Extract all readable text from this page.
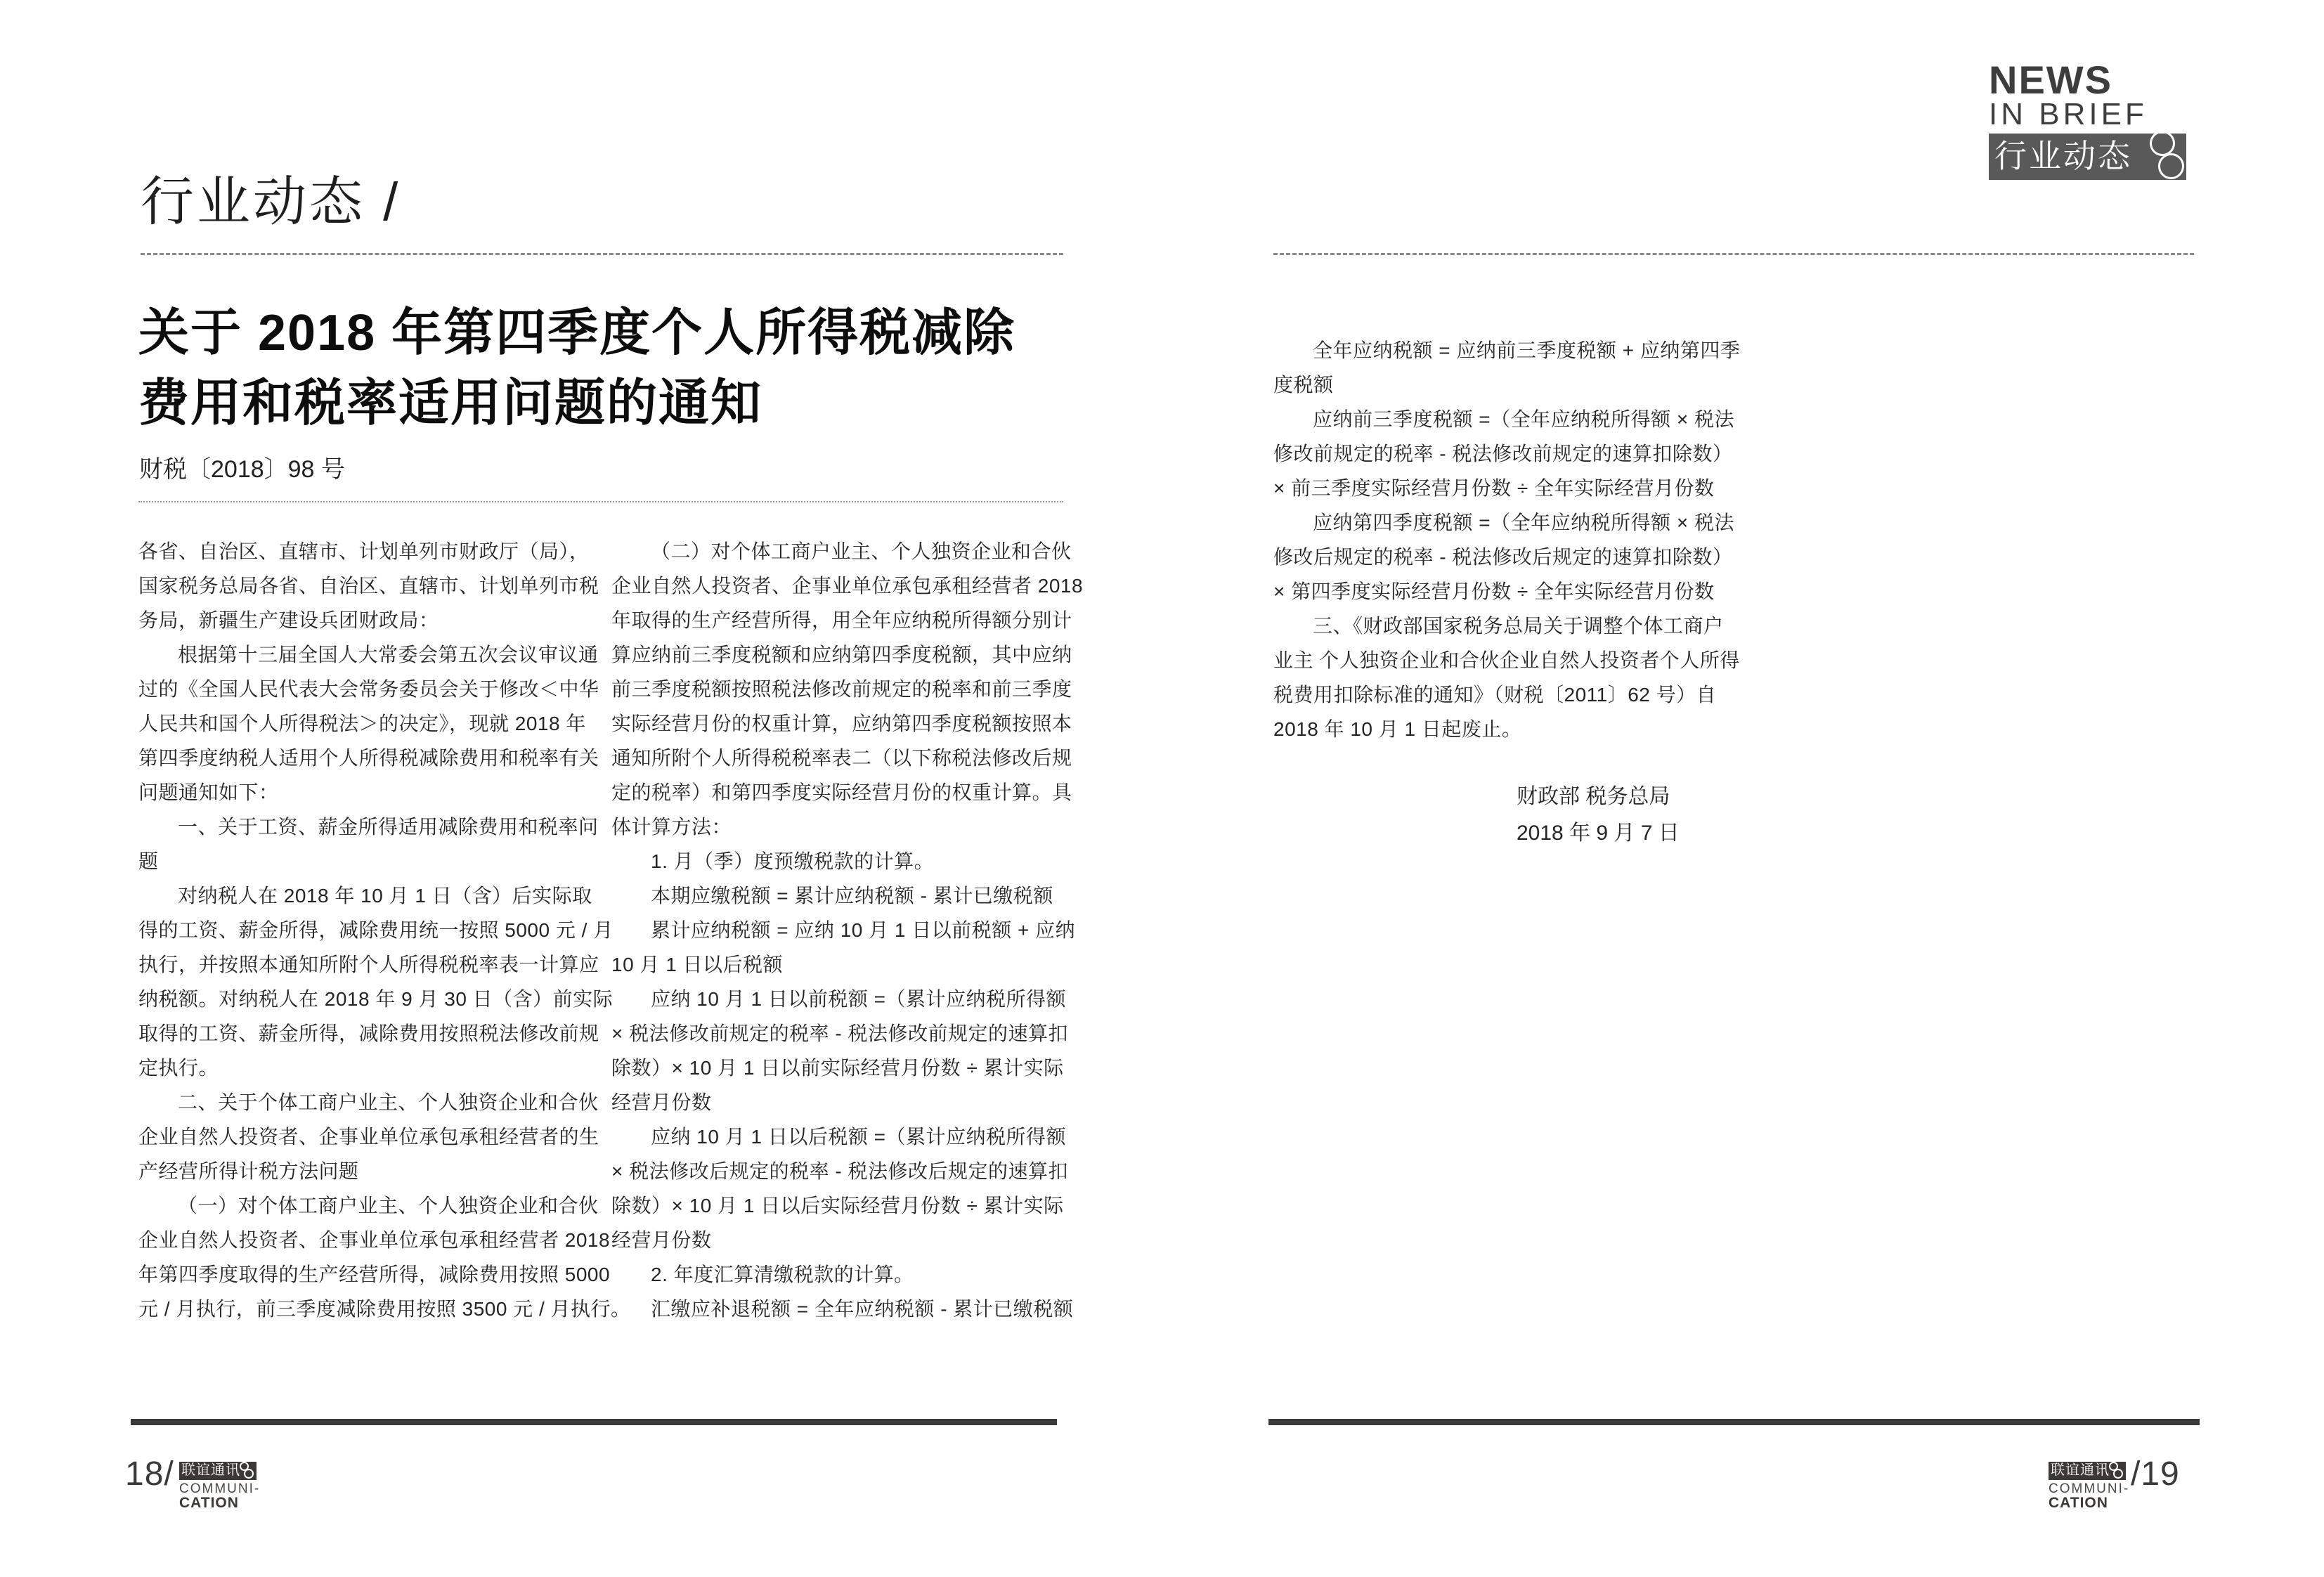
行业动态 /
关于 2018 年第四季度个人所得税减除
费用和税率适用问题的通知
财税〔2018〕98 号
各省、自治区、直辖市、计划单列市财政厅（局），
国家税务总局各省、自治区、直辖市、计划单列市税
务局，新疆生产建设兵团财政局：
根据第十三届全国人大常委会第五次会议审议通
过的《全国人民代表大会常务委员会关于修改＜中华
人民共和国个人所得税法＞的决定》，现就 2018 年
第四季度纳税人适用个人所得税减除费用和税率有关
问题通知如下：
一、关于工资、薪金所得适用减除费用和税率问
题
对纳税人在 2018 年 10 月 1 日（含）后实际取
得的工资、薪金所得，减除费用统一按照 5000 元 / 月
执行，并按照本通知所附个人所得税税率表一计算应
纳税额。对纳税人在 2018 年 9 月 30 日（含）前实际
取得的工资、薪金所得，减除费用按照税法修改前规
定执行。
二、关于个体工商户业主、个人独资企业和合伙
企业自然人投资者、企事业单位承包承租经营者的生
产经营所得计税方法问题
（一）对个体工商户业主、个人独资企业和合伙
企业自然人投资者、企事业单位承包承租经营者 2018
年第四季度取得的生产经营所得，减除费用按照 5000
元 / 月执行，前三季度减除费用按照 3500 元 / 月执行。
（二）对个体工商户业主、个人独资企业和合伙
企业自然人投资者、企事业单位承包承租经营者 2018
年取得的生产经营所得，用全年应纳税所得额分别计
算应纳前三季度税额和应纳第四季度税额，其中应纳
前三季度税额按照税法修改前规定的税率和前三季度
实际经营月份的权重计算，应纳第四季度税额按照本
通知所附个人所得税税率表二（以下称税法修改后规
定的税率）和第四季度实际经营月份的权重计算。具
体计算方法：
1. 月（季）度预缴税款的计算。
本期应缴税额 = 累计应纳税额 - 累计已缴税额
累计应纳税额 = 应纳 10 月 1 日以前税额 + 应纳
10 月 1 日以后税额
应纳 10 月 1 日以前税额 =（累计应纳税所得额
× 税法修改前规定的税率 - 税法修改前规定的速算扣
除数）× 10 月 1 日以前实际经营月份数 ÷ 累计实际
经营月份数
应纳 10 月 1 日以后税额 =（累计应纳税所得额
× 税法修改后规定的税率 - 税法修改后规定的速算扣
除数）× 10 月 1 日以后实际经营月份数 ÷ 累计实际
经营月份数
2. 年度汇算清缴税款的计算。
汇缴应补退税额 = 全年应纳税额 - 累计已缴税额
全年应纳税额 = 应纳前三季度税额 + 应纳第四季
度税额
应纳前三季度税额 =（全年应纳税所得额 × 税法
修改前规定的税率 - 税法修改前规定的速算扣除数）
× 前三季度实际经营月份数 ÷ 全年实际经营月份数
应纳第四季度税额 =（全年应纳税所得额 × 税法
修改后规定的税率 - 税法修改后规定的速算扣除数）
× 第四季度实际经营月份数 ÷ 全年实际经营月份数
三、《财政部国家税务总局关于调整个体工商户
业主 个人独资企业和合伙企业自然人投资者个人所得
税费用扣除标准的通知》（财税〔2011〕62 号）自
2018 年 10 月 1 日起废止。
财政部 税务总局
2018 年 9 月 7 日
NEWS
IN BRIEF
行业动态
18/ 联谊通讯
COMMUNI-
CATION
联谊通讯
COMMUNI-
CATION
/19
